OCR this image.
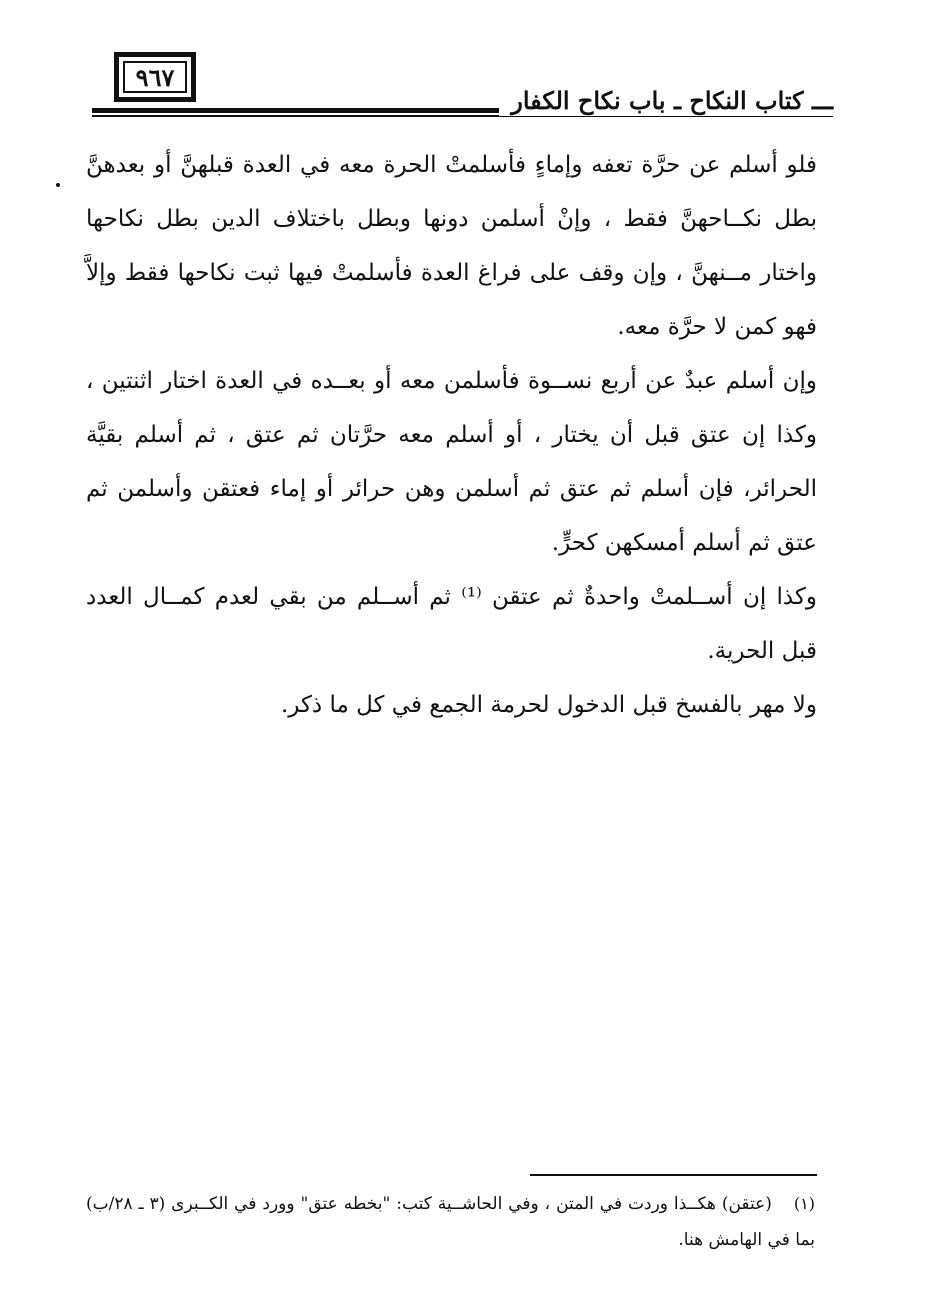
ـــ كتاب النكاح ـ باب نكاح الكفار
٩٦٧

فلو أسلم عن حرَّة تعفه وإماءٍ فأسلمتْ الحرة معه في العدة قبلهنَّ أو بعدهنَّ بطل نكــاحهنَّ فقط ، وإنْ أسلمن دونها وبطل باختلاف الدين بطل نكاحها واختار مــنهنَّ ، وإن وقف على فراغ العدة فأسلمتْ فيها ثبت نكاحها فقط وإلاَّ فهو كمن لا حرَّة معه.

وإن أسلم عبدٌ عن أربع نســوة فأسلمن معه أو بعــده في العدة اختار اثنتين ، وكذا إن عتق قبل أن يختار ، أو أسلم معه حرَّتان ثم عتق ، ثم أسلم بقيَّة الحرائر، فإن أسلم ثم عتق ثم أسلمن وهن حرائر أو إماء فعتقن وأسلمن ثم عتق ثم أسلم أمسكهن كحرٍّ.

وكذا إن أســلمتْ واحدةٌ ثم عتقن ⁽¹⁾ ثم أســلم من بقي لعدم كمــال العدد قبل الحرية.

ولا مهر بالفسخ قبل الدخول لحرمة الجمع في كل ما ذكر.

(١)(عتقن) هكــذا وردت في المتن ، وفي الحاشــية كتب: "بخطه عتق" وورد في الكــبرى (٣ ـ ٢٨/ب) بما في الهامش هنا.
